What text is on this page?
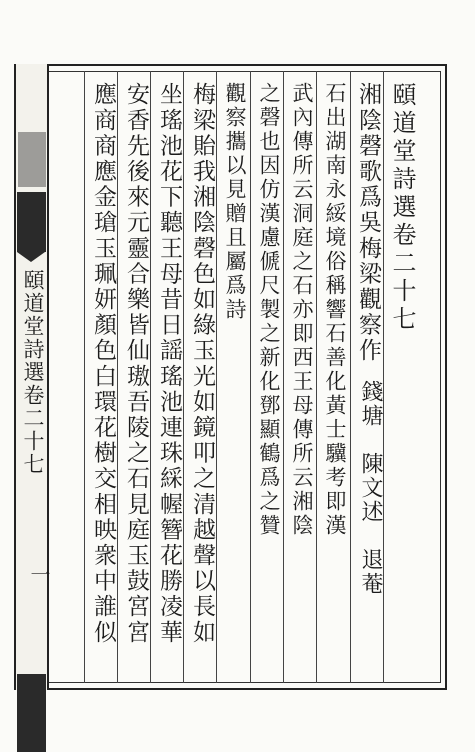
頤道堂詩選卷二十七
一
頤道堂詩選卷二十七
湘陰磬歌爲吳梅梁觀察作
錢塘　陳文述　退菴
石出湖南永綏境俗稱響石善化黃士驥考即漢
武內傳所云洞庭之石亦即西王母傳所云湘陰
之磬也因仿漢慮傂尺製之新化鄧顯鶴爲之贊
觀察攜以見贈且屬爲詩
梅梁貽我湘陰磬色如綠玉光如鏡叩之清越聲以長如
坐瑤池花下聽王母昔日謡瑤池連珠綵幄簪花勝凌華
安香先後來元靈合樂皆仙璈吾陵之石見庭玉鼓宮宮
應商商應金瑲玉珮妍顏色白環花樹交相映衆中誰似
